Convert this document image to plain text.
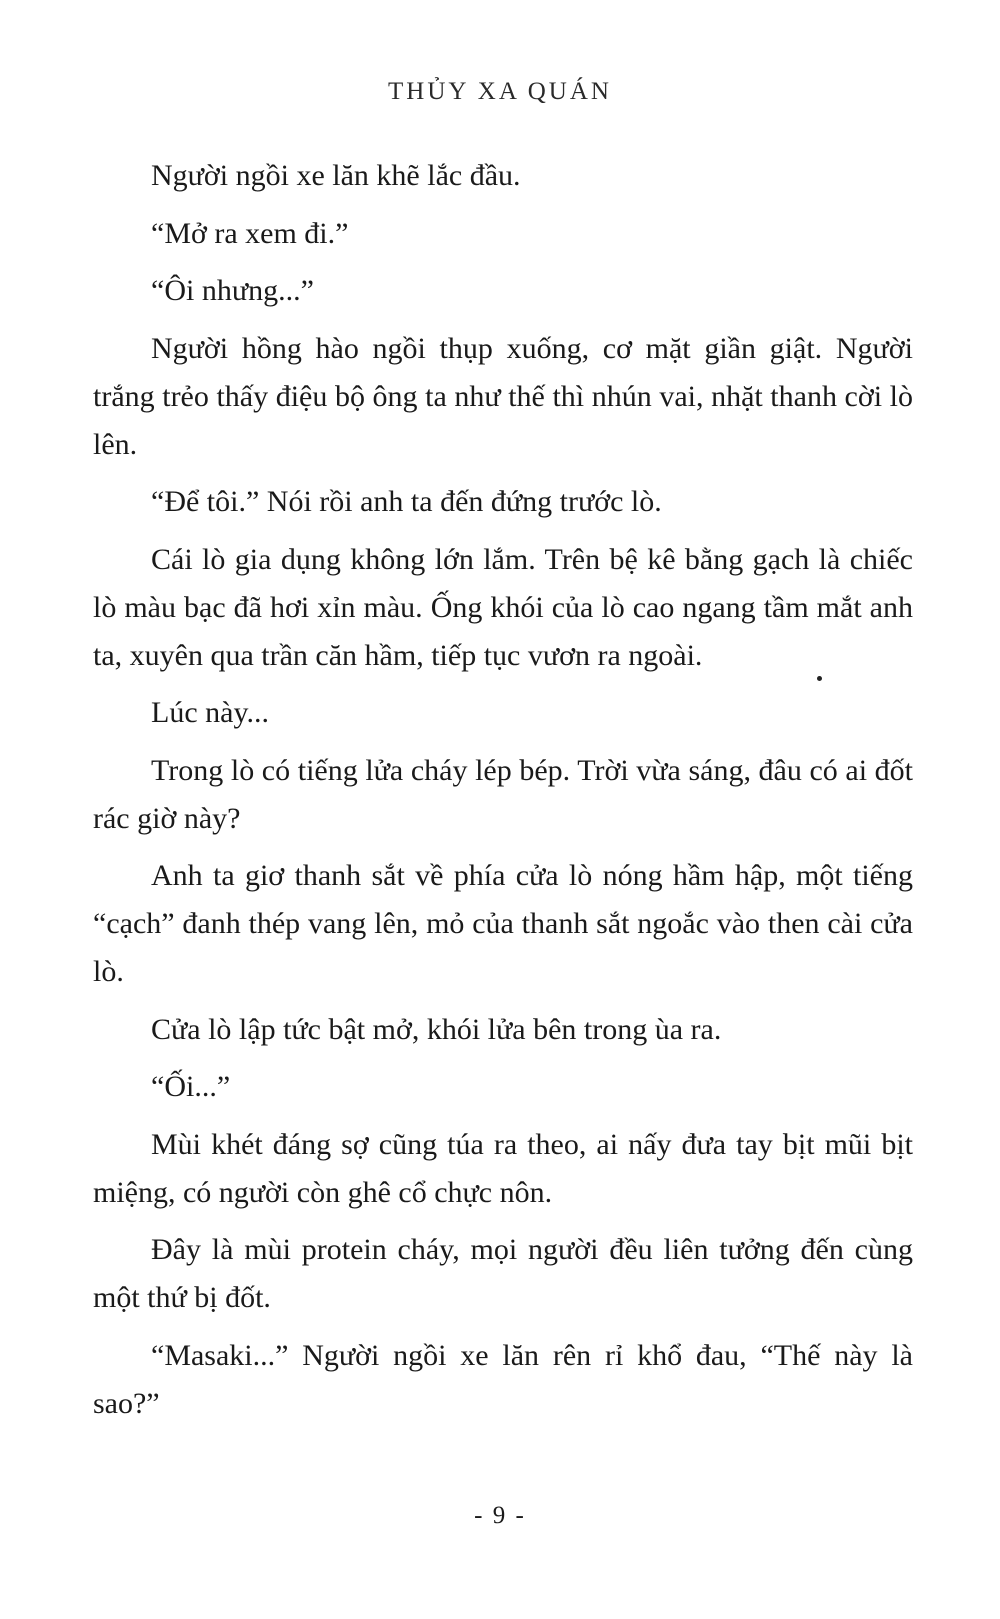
THỦY XA QUÁN

Người ngồi xe lăn khẽ lắc đầu.

“Mở ra xem đi.”

“Ôi nhưng...”

Người hồng hào ngồi thụp xuống, cơ mặt giần giật. Người trắng trẻo thấy điệu bộ ông ta như thế thì nhún vai, nhặt thanh cời lò lên.

“Để tôi.” Nói rồi anh ta đến đứng trước lò.

Cái lò gia dụng không lớn lắm. Trên bệ kê bằng gạch là chiếc lò màu bạc đã hơi xỉn màu. Ống khói của lò cao ngang tầm mắt anh ta, xuyên qua trần căn hầm, tiếp tục vươn ra ngoài.

Lúc này...

Trong lò có tiếng lửa cháy lép bép. Trời vừa sáng, đâu có ai đốt rác giờ này?

Anh ta giơ thanh sắt về phía cửa lò nóng hầm hập, một tiếng “cạch” đanh thép vang lên, mỏ của thanh sắt ngoắc vào then cài cửa lò.

Cửa lò lập tức bật mở, khói lửa bên trong ùa ra.

“Ối...”

Mùi khét đáng sợ cũng túa ra theo, ai nấy đưa tay bịt mũi bịt miệng, có người còn ghê cổ chực nôn.

Đây là mùi protein cháy, mọi người đều liên tưởng đến cùng một thứ bị đốt.

“Masaki...” Người ngồi xe lăn rên rỉ khổ đau, “Thế này là sao?”

- 9 -
